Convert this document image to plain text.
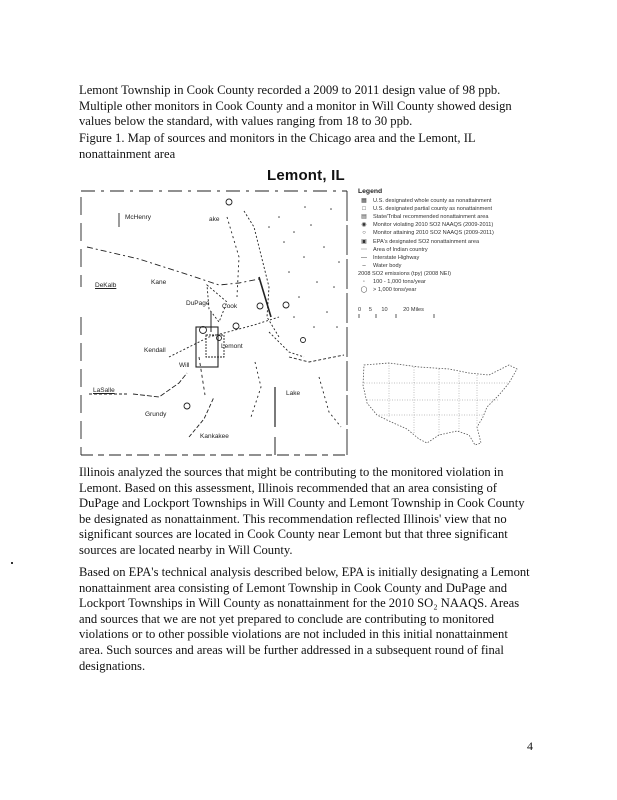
Lemont Township in Cook County recorded a 2009 to 2011 design value of 98 ppb. Multiple other monitors in Cook County and a monitor in Will County showed design values below the standard, with values ranging from 18 to 30 ppb.
Figure 1. Map of sources and monitors in the Chicago area and the Lemont, IL nonattainment area
Lemont, IL
McHenry	ake
DeKalb	Kane
DuPage Cook
Kendall
Will
Lemont
LaSalle
Grundy
Kankakee
Lake
Legend
▦	U.S. designated whole county as nonattainment
□	U.S. designated partial county as nonattainment
▤	State/Tribal recommended nonattainment area
◉	Monitor violating 2010 SO2 NAAQS (2009-2011)
○	Monitor attaining 2010 SO2 NAAQS (2009-2011)
▣	EPA's designated SO2 nonattainment area
⋯	Area of Indian country
—	Interstate Highway
–	Water body
2008 SO2 emissions (tpy) (2008 NEI)
◦	100 - 1,000 tons/year
◯	> 1,000 tons/year
0 5 10	20 Miles
Illinois analyzed the sources that might be contributing to the monitored violation in Lemont. Based on this assessment, Illinois recommended that an area consisting of DuPage and Lockport Townships in Will County and Lemont Township in Cook County be designated as nonattainment. This recommendation reflected Illinois' view that no significant sources are located in Cook County near Lemont but that three significant sources are located nearby in Will County.
Based on EPA's technical analysis described below, EPA is initially designating a Lemont nonattainment area consisting of Lemont Township in Cook County and DuPage and Lockport Townships in Will County as nonattainment for the 2010 SO₂ NAAQS. Areas and sources that we are not yet prepared to conclude are contributing to monitored violations or to other possible violations are not included in this initial nonattainment area. Such sources and areas will be further addressed in a subsequent round of final designations.
4
